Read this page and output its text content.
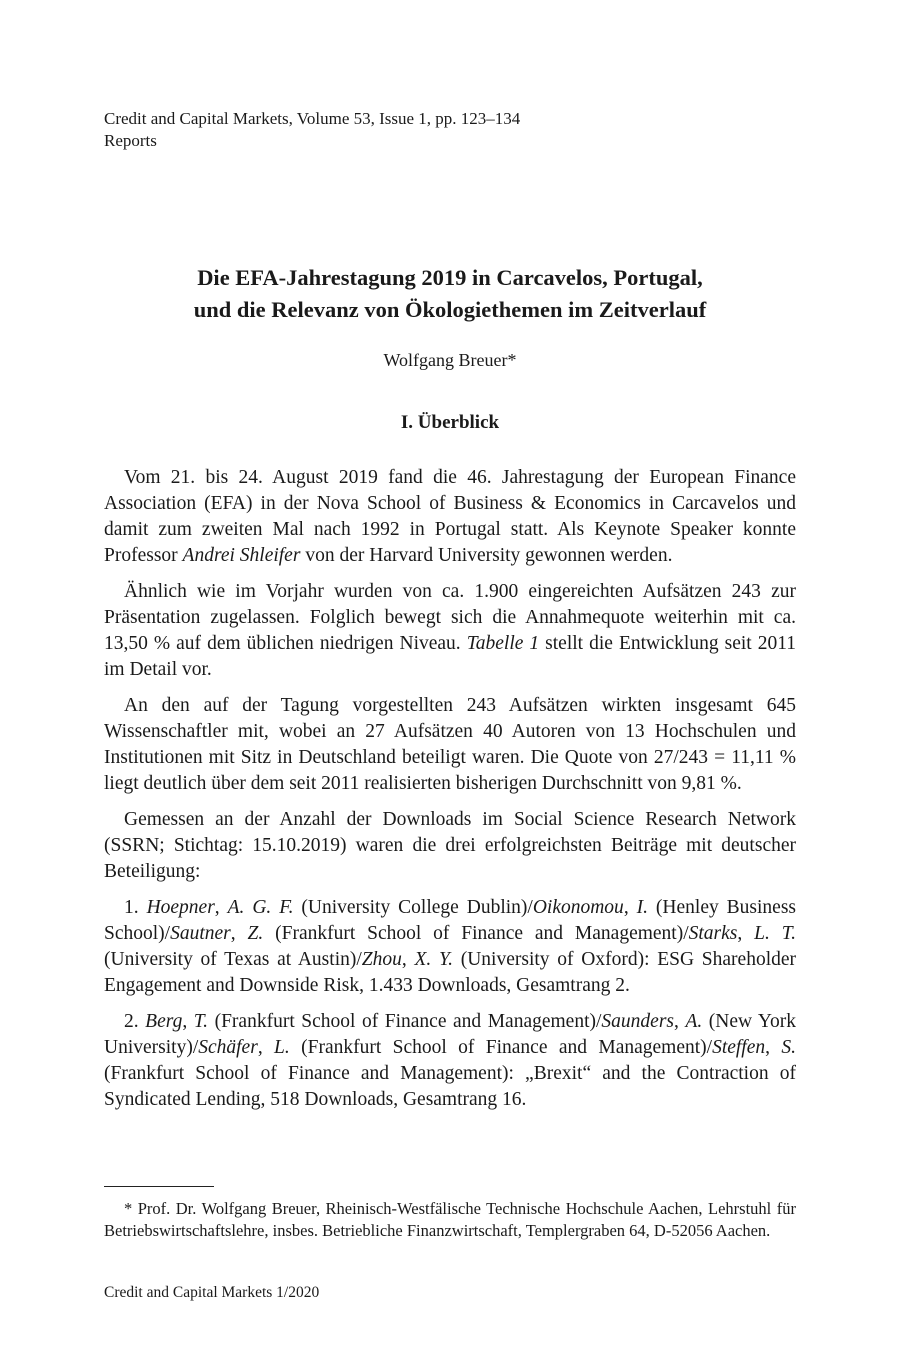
Credit and Capital Markets, Volume 53, Issue 1, pp. 123–134
Reports
Die EFA-Jahrestagung 2019 in Carcavelos, Portugal,
und die Relevanz von Ökologiethemen im Zeitverlauf
Wolfgang Breuer*
I. Überblick

Vom 21. bis 24. August 2019 fand die 46. Jahrestagung der European Finance Association (EFA) in der Nova School of Business & Economics in Carcavelos und damit zum zweiten Mal nach 1992 in Portugal statt. Als Keynote Speaker konnte Professor Andrei Shleifer von der Harvard University gewonnen werden.

Ähnlich wie im Vorjahr wurden von ca. 1.900 eingereichten Aufsätzen 243 zur Präsentation zugelassen. Folglich bewegt sich die Annahmequote weiterhin mit ca. 13,50 % auf dem üblichen niedrigen Niveau. Tabelle 1 stellt die Entwicklung seit 2011 im Detail vor.

An den auf der Tagung vorgestellten 243 Aufsätzen wirkten insgesamt 645 Wissenschaftler mit, wobei an 27 Aufsätzen 40 Autoren von 13 Hochschulen und Institutionen mit Sitz in Deutschland beteiligt waren. Die Quote von 27/243 = 11,11 % liegt deutlich über dem seit 2011 realisierten bisherigen Durchschnitt von 9,81 %.

Gemessen an der Anzahl der Downloads im Social Science Research Network (SSRN; Stichtag: 15.10.2019) waren die drei erfolgreichsten Beiträge mit deutscher Beteiligung:

1. Hoepner, A. G. F. (University College Dublin)/Oikonomou, I. (Henley Business School)/Sautner, Z. (Frankfurt School of Finance and Management)/Starks, L. T. (University of Texas at Austin)/Zhou, X. Y. (University of Oxford): ESG Shareholder Engagement and Downside Risk, 1.433 Downloads, Gesamtrang 2.

2. Berg, T. (Frankfurt School of Finance and Management)/Saunders, A. (New York University)/Schäfer, L. (Frankfurt School of Finance and Management)/Steffen, S. (Frankfurt School of Finance and Management): „Brexit“ and the Contraction of Syndicated Lending, 518 Downloads, Gesamtrang 16.

* Prof. Dr. Wolfgang Breuer, Rheinisch-Westfälische Technische Hochschule Aachen, Lehrstuhl für Betriebswirtschaftslehre, insbes. Betriebliche Finanzwirtschaft, Templergraben 64, D-52056 Aachen.
Credit and Capital Markets 1/2020
